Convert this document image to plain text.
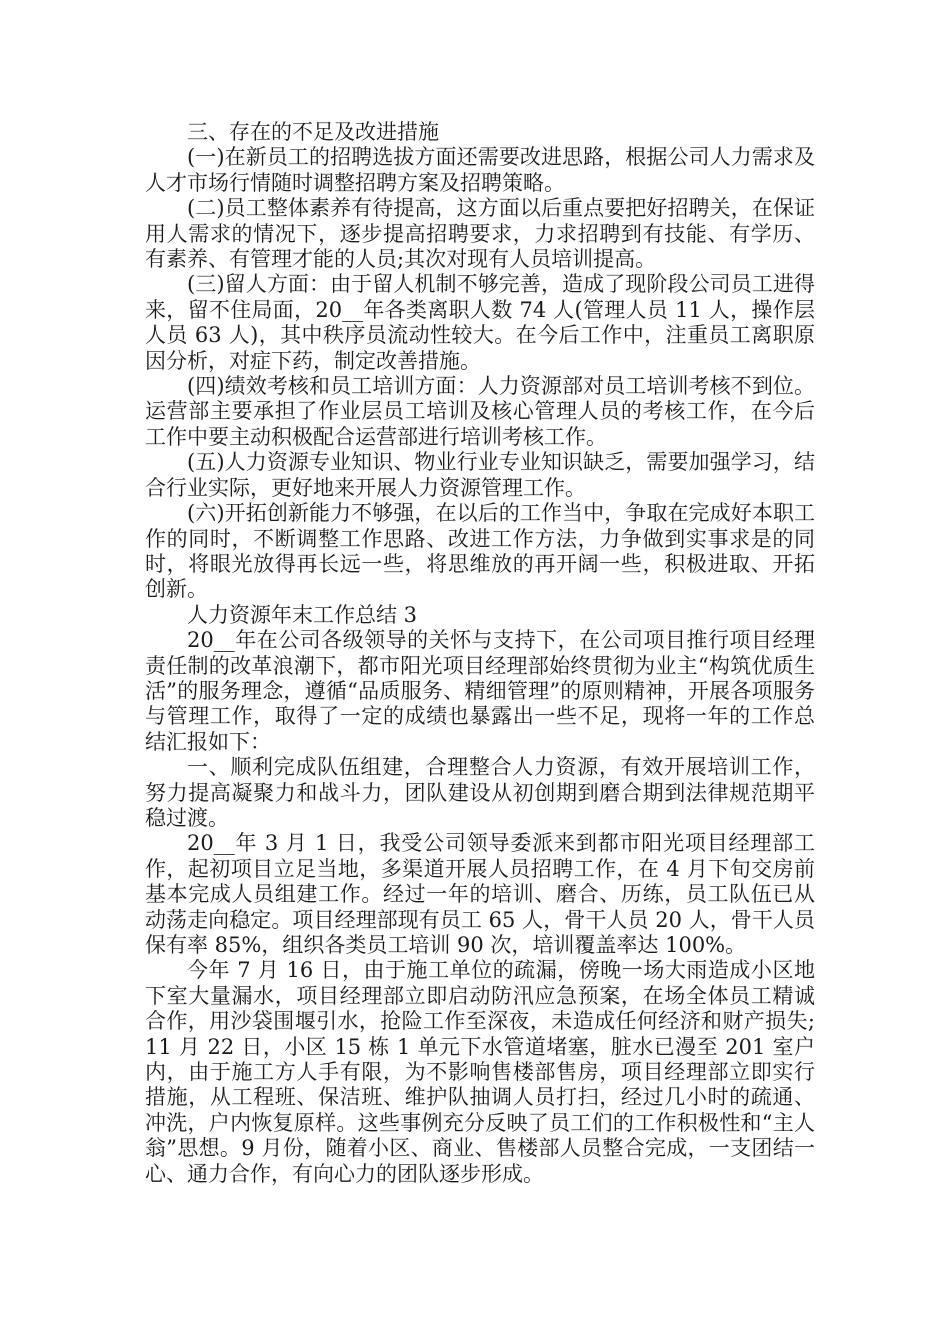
三、存在的不足及改进措施

(一)在新员工的招聘选拔方面还需要改进思路，根据公司人力需求及人才市场行情随时调整招聘方案及招聘策略。

(二)员工整体素养有待提高，这方面以后重点要把好招聘关，在保证用人需求的情况下，逐步提高招聘要求，力求招聘到有技能、有学历、有素养、有管理才能的人员;其次对现有人员培训提高。

(三)留人方面：由于留人机制不够完善，造成了现阶段公司员工进得来，留不住局面，20__年各类离职人数 74 人(管理人员 11 人，操作层人员 63 人)，其中秩序员流动性较大。在今后工作中，注重员工离职原因分析，对症下药，制定改善措施。

(四)绩效考核和员工培训方面：人力资源部对员工培训考核不到位。运营部主要承担了作业层员工培训及核心管理人员的考核工作，在今后工作中要主动积极配合运营部进行培训考核工作。

(五)人力资源专业知识、物业行业专业知识缺乏，需要加强学习，结合行业实际，更好地来开展人力资源管理工作。

(六)开拓创新能力不够强，在以后的工作当中，争取在完成好本职工作的同时，不断调整工作思路、改进工作方法，力争做到实事求是的同时，将眼光放得再长远一些，将思维放的再开阔一些，积极进取、开拓创新。

人力资源年末工作总结 3

20__年在公司各级领导的关怀与支持下，在公司项目推行项目经理责任制的改革浪潮下，都市阳光项目经理部始终贯彻为业主“构筑优质生活”的服务理念，遵循“品质服务、精细管理”的原则精神，开展各项服务与管理工作，取得了一定的成绩也暴露出一些不足，现将一年的工作总结汇报如下：

一、顺利完成队伍组建，合理整合人力资源，有效开展培训工作，努力提高凝聚力和战斗力，团队建设从初创期到磨合期到法律规范期平稳过渡。

20__年 3 月 1 日，我受公司领导委派来到都市阳光项目经理部工作，起初项目立足当地，多渠道开展人员招聘工作，在 4 月下旬交房前基本完成人员组建工作。经过一年的培训、磨合、历练，员工队伍已从动荡走向稳定。项目经理部现有员工 65 人，骨干人员 20 人，骨干人员保有率 85%，组织各类员工培训 90 次，培训覆盖率达 100%。

今年 7 月 16 日，由于施工单位的疏漏，傍晚一场大雨造成小区地下室大量漏水，项目经理部立即启动防汛应急预案，在场全体员工精诚合作，用沙袋围堰引水，抢险工作至深夜，未造成任何经济和财产损失;11 月 22 日，小区 15 栋 1 单元下水管道堵塞，脏水已漫至 201 室户内，由于施工方人手有限，为不影响售楼部售房，项目经理部立即实行措施，从工程班、保洁班、维护队抽调人员打扫，经过几小时的疏通、冲洗，户内恢复原样。这些事例充分反映了员工们的工作积极性和“主人翁”思想。9 月份，随着小区、商业、售楼部人员整合完成，一支团结一心、通力合作，有向心力的团队逐步形成。
